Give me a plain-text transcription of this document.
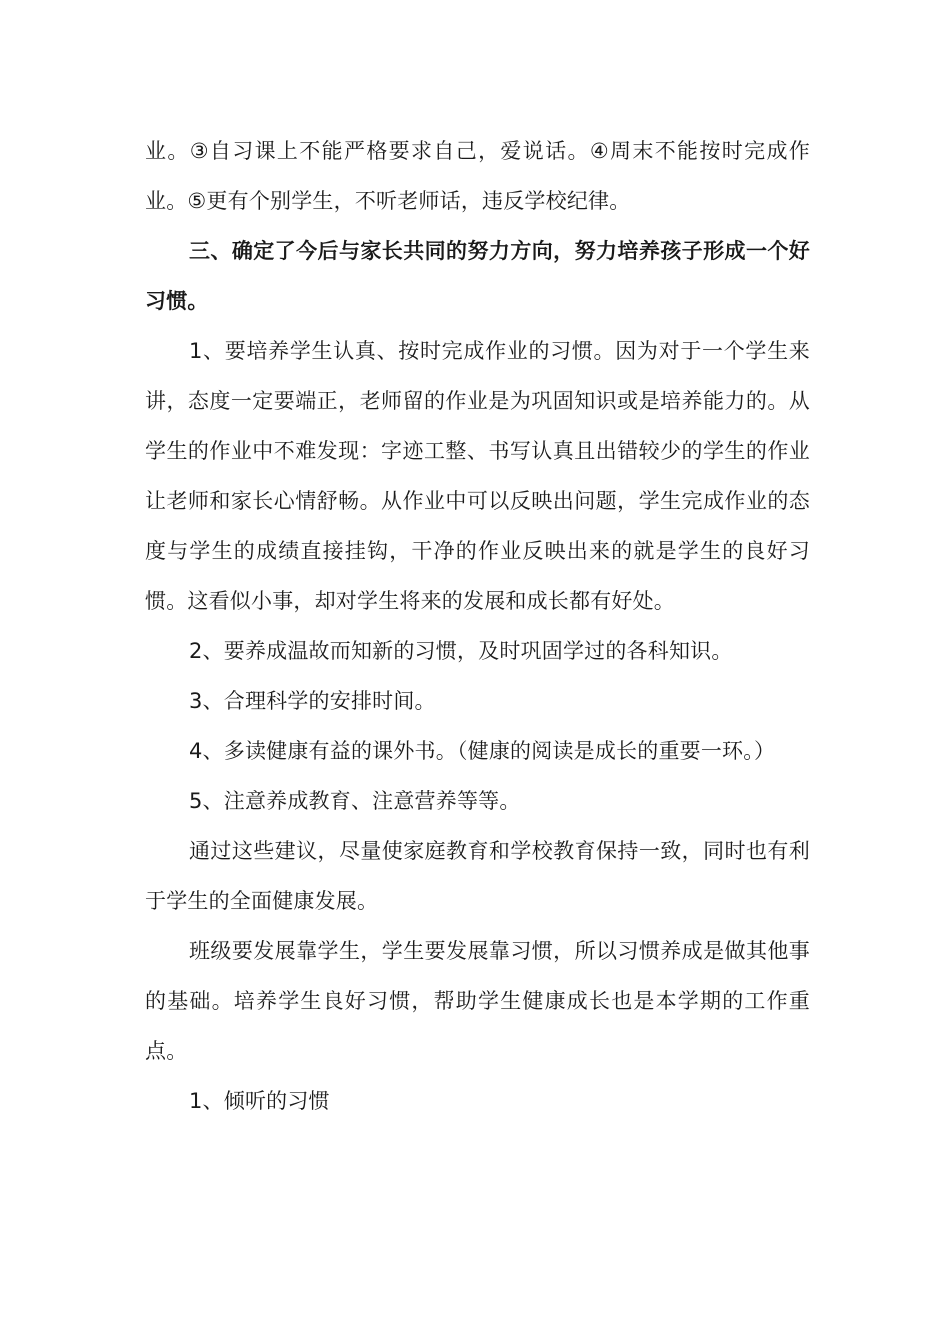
业。③自习课上不能严格要求自己，爱说话。④周末不能按时完成作业。⑤更有个别学生，不听老师话，违反学校纪律。

三、确定了今后与家长共同的努力方向，努力培养孩子形成一个好习惯。

1、要培养学生认真、按时完成作业的习惯。因为对于一个学生来讲，态度一定要端正，老师留的作业是为巩固知识或是培养能力的。从学生的作业中不难发现：字迹工整、书写认真且出错较少的学生的作业让老师和家长心情舒畅。从作业中可以反映出问题，学生完成作业的态度与学生的成绩直接挂钩，干净的作业反映出来的就是学生的良好习惯。这看似小事，却对学生将来的发展和成长都有好处。

2、要养成温故而知新的习惯，及时巩固学过的各科知识。

3、合理科学的安排时间。

4、多读健康有益的课外书。（健康的阅读是成长的重要一环。）

5、注意养成教育、注意营养等等。

通过这些建议，尽量使家庭教育和学校教育保持一致，同时也有利于学生的全面健康发展。

班级要发展靠学生，学生要发展靠习惯，所以习惯养成是做其他事的基础。培养学生良好习惯，帮助学生健康成长也是本学期的工作重点。

1、倾听的习惯
